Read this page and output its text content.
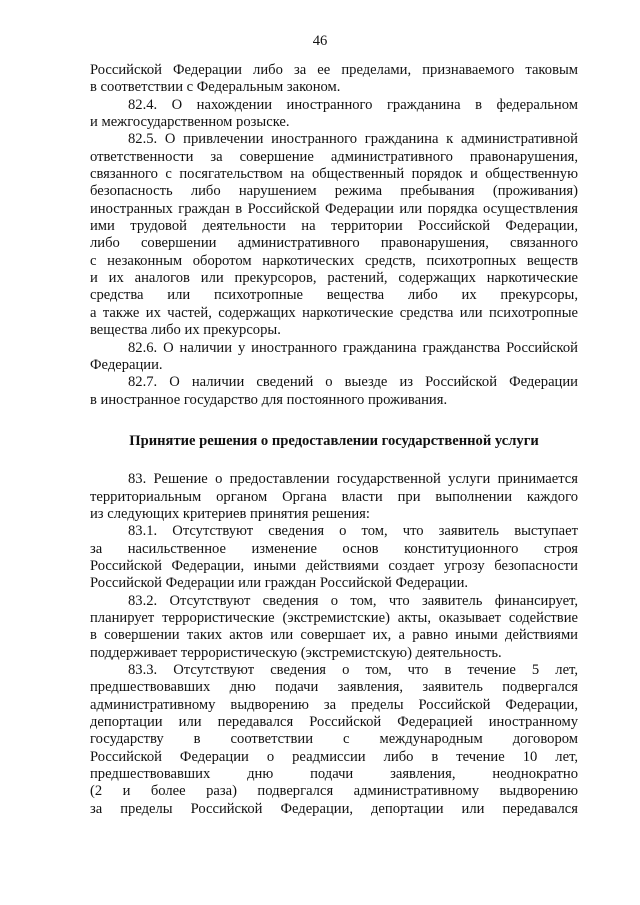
46
Российской Федерации либо за ее пределами, признаваемого таковым
в соответствии с Федеральным законом.
82.4. О нахождении иностранного гражданина в федеральном
и межгосударственном розыске.
82.5. О привлечении иностранного гражданина к административной
ответственности за совершение административного правонарушения,
связанного с посягательством на общественный порядок и общественную
безопасность либо нарушением режима пребывания (проживания)
иностранных граждан в Российской Федерации или порядка осуществления
ими трудовой деятельности на территории Российской Федерации,
либо совершении административного правонарушения, связанного
с незаконным оборотом наркотических средств, психотропных веществ
и их аналогов или прекурсоров, растений, содержащих наркотические
средства или психотропные вещества либо их прекурсоры,
а также их частей, содержащих наркотические средства или психотропные
вещества либо их прекурсоры.
82.6. О наличии у иностранного гражданина гражданства Российской
Федерации.
82.7. О наличии сведений о выезде из Российской Федерации
в иностранное государство для постоянного проживания.
Принятие решения о предоставлении государственной услуги
83. Решение о предоставлении государственной услуги принимается
территориальным органом Органа власти при выполнении каждого
из следующих критериев принятия решения:
83.1. Отсутствуют сведения о том, что заявитель выступает
за насильственное изменение основ конституционного строя
Российской Федерации, иными действиями создает угрозу безопасности
Российской Федерации или граждан Российской Федерации.
83.2. Отсутствуют сведения о том, что заявитель финансирует,
планирует террористические (экстремистские) акты, оказывает содействие
в совершении таких актов или совершает их, а равно иными действиями
поддерживает террористическую (экстремистскую) деятельность.
83.3. Отсутствуют сведения о том, что в течение 5 лет,
предшествовавших дню подачи заявления, заявитель подвергался
административному выдворению за пределы Российской Федерации,
депортации или передавался Российской Федерацией иностранному
государству в соответствии с международным договором
Российской Федерации о реадмиссии либо в течение 10 лет,
предшествовавших дню подачи заявления, неоднократно
(2 и более раза) подвергался административному выдворению
за пределы Российской Федерации, депортации или передавался
